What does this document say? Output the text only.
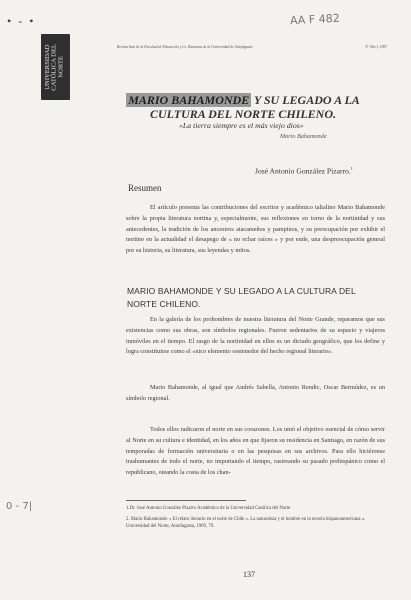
• - •	AA F 482
UNIVERSIDAD
CATÓLICA DEL
NORTE
Revista Sam de la Facultad de Educación y Cs. Humanas de la Universidad de Antofagasta	Nº Año I, 1997
MARIO BAHAMONDE Y SU LEGADO A LA
CULTURA DEL NORTE CHILENO.
«La tierra siempre es el más viejo dios»
Mario Bahamonde
José Antonio González Pizarro.$^1$
Resumen
El artículo presenta las contribuciones del escritor y académico taltalino Mario Bahamonde sobre la propia literatura nortina y, especialmente, sus reflexiones en torno de la nortinidad y sus antecedentes, la tradición de los ancestros atacameños y pampinos, y su preocupación por exhibir el nortino en la actualidad el desapego de « no echar raíces » y por ende, una despreocupación general por su historia, su literatura, sus leyendas y mitos.
MARIO BAHAMONDE Y SU LEGADO A LA CULTURA DEL NORTE CHILENO.
En la galería de los prohombres de nuestra literatura del Norte Grande, reparamos que sus existencias como sus obras, son símbolos regionales. Fueron sedentarios de su espacio y viajeros inmóviles en el tiempo. El rasgo de la nortinidad en ellos es un dictado geográfico, que los define y logra constituirse como el «nico elemento sostenedor del hecho regional literario».
Mario Bahamonde, al igual que Andrés Sabella, Antonio Rendic, Oscar Bermúdez, es un símbolo regional.
Todos ellos radicaron el norte en sus corazones. Los unió el objetivo esencial de cómo servir al Norte en su cultura e identidad, en los años en que fijaron su residencia en Santiago, en razón de sus temporadas de formación universitaria o en las pesquisas en sus archivos. Para ello hiciéronse trashumantes de todo el norte, no importando el tiempo, rastreando su pasado prehispánico como el republicano, oteando la costa de los chan-
1.Dr. José Antonio González Pizarro Académico de la Universidad Católica del Norte
2. Mario Bahamonde: « El relato literario en el norte de Chile ». La naturaleza y el hombre en la novela hispanoamericana ». Universidad del Norte, Antofagasta, 1969, 79.
137
0 - 7|
